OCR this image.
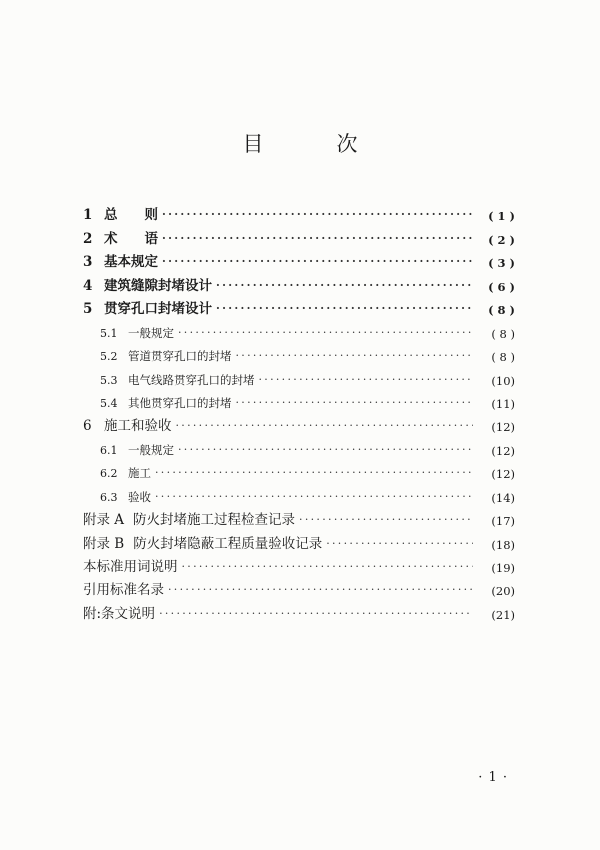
目　次
1 总　　则 ·····	( 1 )
2 术　　语 ·····	( 2 )
3 基本规定 ·····	( 3 )
4 建筑缝隙封堵设计 ·····	( 6 )
5 贯穿孔口封堵设计 ·····	( 8 )
5.1 一般规定 ·····	( 8 )
5.2 管道贯穿孔口的封堵 ·····	( 8 )
5.3 电气线路贯穿孔口的封堵 ·····	(10)
5.4 其他贯穿孔口的封堵 ·····	(11)
6 施工和验收 ·····	(12)
6.1 一般规定 ·····	(12)
6.2 施工 ·····	(12)
6.3 验收 ·····	(14)
附录 A 防火封堵施工过程检查记录 ·····	(17)
附录 B 防火封堵隐蔽工程质量验收记录 ·····	(18)
本标准用词说明 ·····	(19)
引用标准名录 ·····	(20)
附:条文说明 ·····	(21)
· 1 ·
